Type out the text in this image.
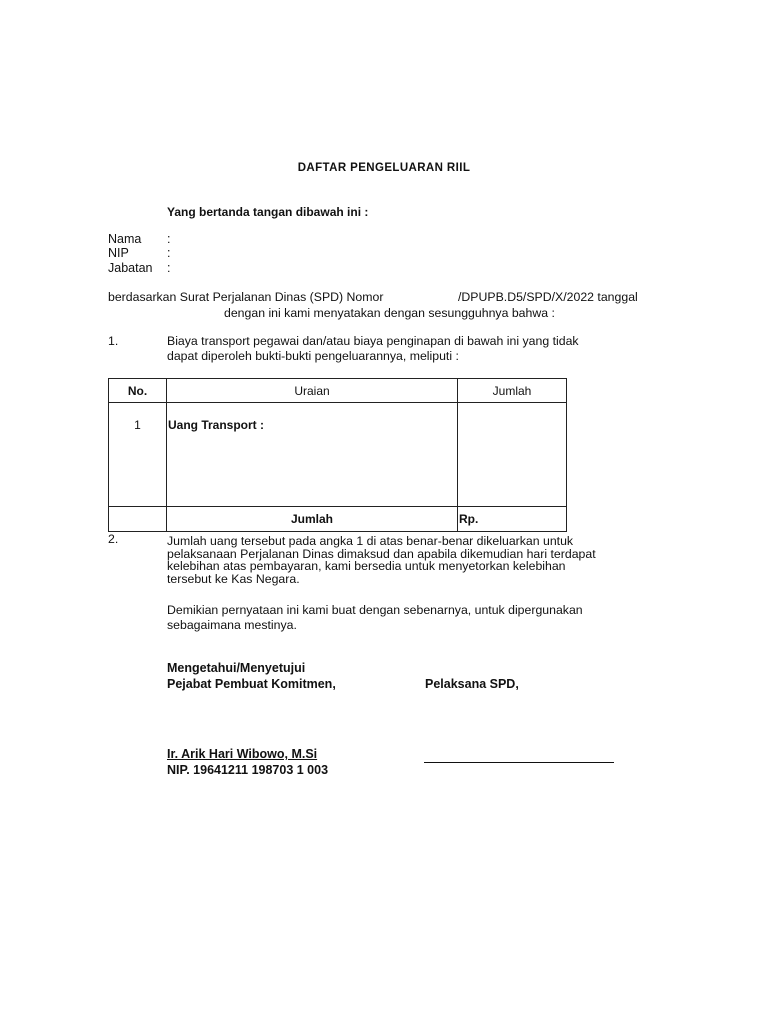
DAFTAR PENGELUARAN RIIL
Yang bertanda tangan dibawah ini :
Nama :
NIP	:
Jabatan :
berdasarkan Surat Perjalanan Dinas (SPD) Nomor	/DPUPB.D5/SPD/X/2022 tanggal
dengan ini kami menyatakan dengan sesungguhnya bahwa :
1.	Biaya transport pegawai dan/atau biaya penginapan di bawah ini yang tidak
dapat diperoleh bukti-bukti pengeluarannya, meliputi :
No.	Uraian	Jumlah
1	Uang Transport :	
	Jumlah	Rp.
2.	Jumlah uang tersebut pada angka 1 di atas benar-benar dikeluarkan untuk
pelaksanaan Perjalanan Dinas dimaksud dan apabila dikemudian hari terdapat
kelebihan atas pembayaran, kami bersedia untuk menyetorkan kelebihan
tersebut ke Kas Negara.
Demikian pernyataan ini kami buat dengan sebenarnya, untuk dipergunakan
sebagaimana mestinya.
Mengetahui/Menyetujui
Pejabat Pembuat Komitmen,	Pelaksana SPD,
Ir. Arik Hari Wibowo, M.Si
NIP. 19641211 198703 1 003
